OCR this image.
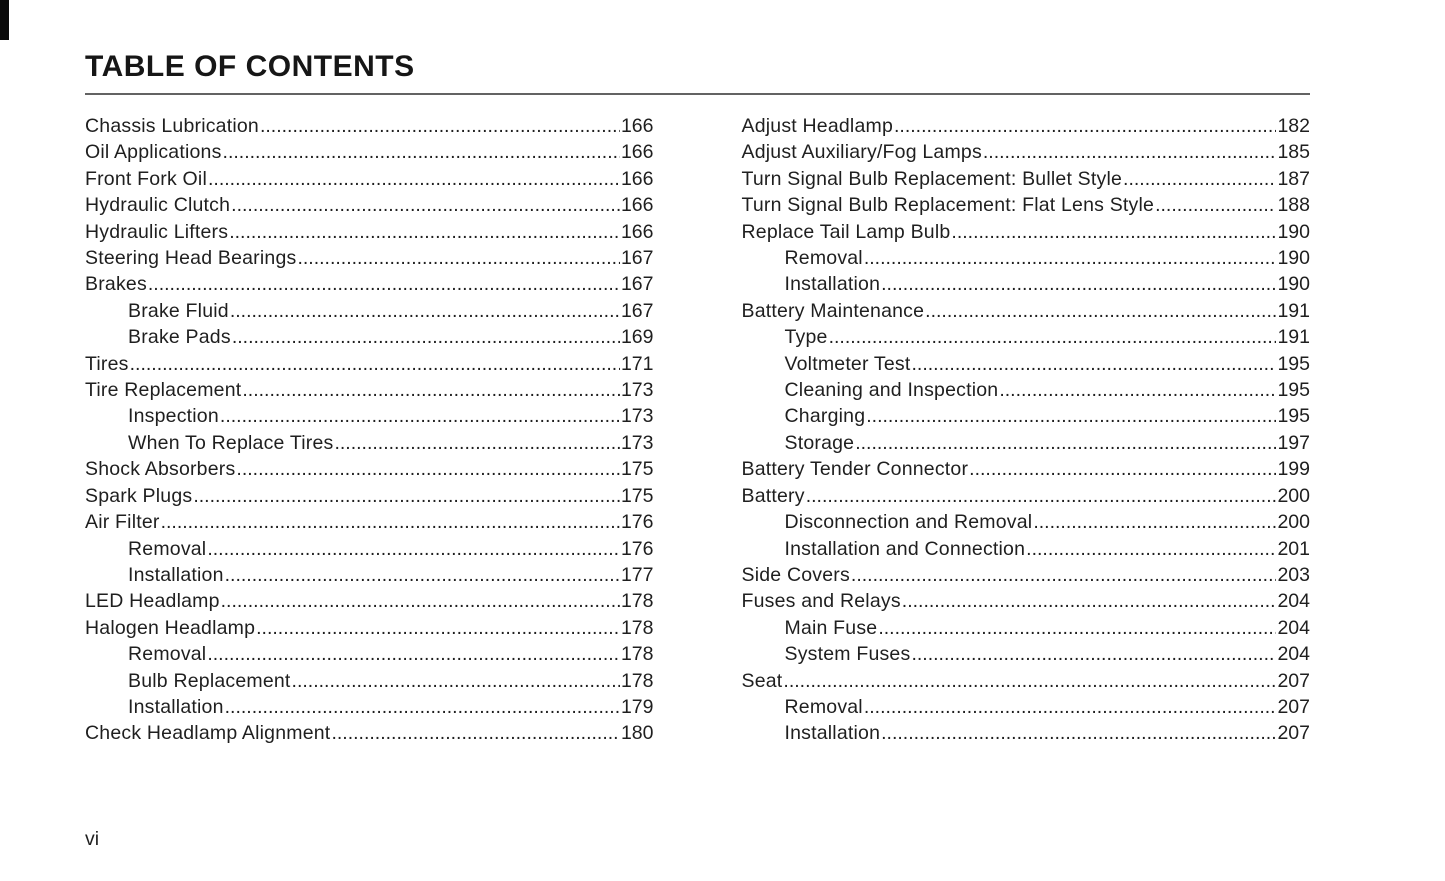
TABLE OF CONTENTS
Chassis Lubrication .....	166
Oil Applications .....	166
Front Fork Oil .....	166
Hydraulic Clutch .....	166
Hydraulic Lifters .....	166
Steering Head Bearings .....	167
Brakes .....	167
Brake Fluid .....	167
Brake Pads .....	169
Tires .....	171
Tire Replacement .....	173
Inspection .....	173
When To Replace Tires .....	173
Shock Absorbers .....	175
Spark Plugs .....	175
Air Filter .....	176
Removal .....	176
Installation .....	177
LED Headlamp .....	178
Halogen Headlamp .....	178
Removal .....	178
Bulb Replacement .....	178
Installation .....	179
Check Headlamp Alignment .....	180
Adjust Headlamp .....	182
Adjust Auxiliary/Fog Lamps .....	185
Turn Signal Bulb Replacement: Bullet Style .....	187
Turn Signal Bulb Replacement: Flat Lens Style .....	188
Replace Tail Lamp Bulb .....	190
Removal .....	190
Installation .....	190
Battery Maintenance .....	191
Type .....	191
Voltmeter Test .....	195
Cleaning and Inspection .....	195
Charging .....	195
Storage .....	197
Battery Tender Connector .....	199
Battery .....	200
Disconnection and Removal .....	200
Installation and Connection .....	201
Side Covers .....	203
Fuses and Relays .....	204
Main Fuse .....	204
System Fuses .....	204
Seat .....	207
Removal .....	207
Installation .....	207
vi
